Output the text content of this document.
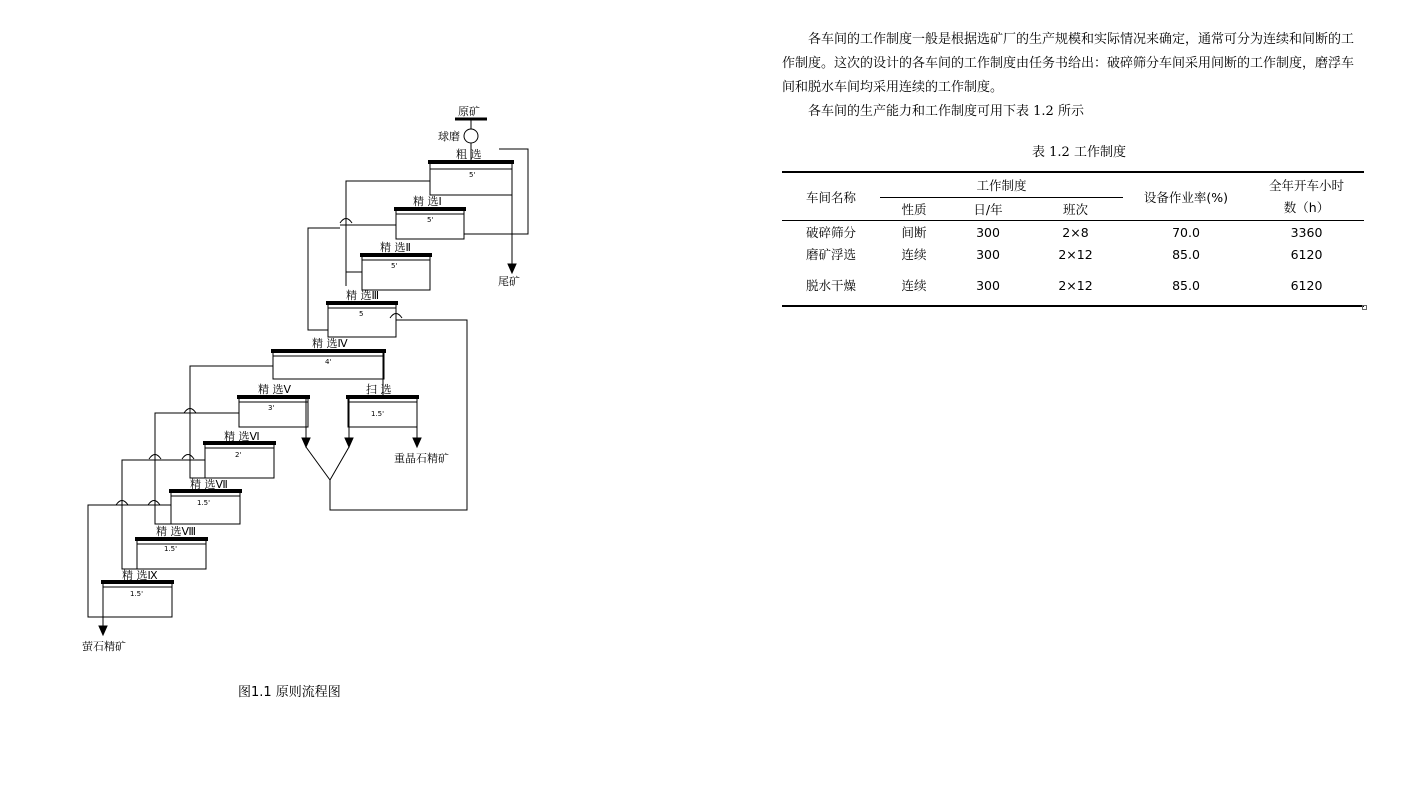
原矿
球磨
尾矿
重晶石精矿
萤石精矿
粗 选
5'
精 选Ⅰ
5'
精 选Ⅱ
5'
精 选Ⅲ
5
精 选Ⅳ
4'
精 选Ⅴ
3'
扫 选
1.5'
精 选Ⅵ
2'
精 选Ⅶ
1.5'
精 选Ⅷ
1.5'
精 选Ⅸ
1.5'
图1.1 原则流程图
各车间的工作制度一般是根据选矿厂的生产规模和实际情况来确定，通常可分为连续和间断的工作制度。这次的设计的各车间的工作制度由任务书给出：破碎筛分车间采用间断的工作制度，磨浮车间和脱水车间均采用连续的工作制度。
各车间的生产能力和工作制度可用下表 1.2 所示
表 1.2 工作制度
车间名称	工作制度			设备作业率(%)	全年开车小时
数（h）
	性质	日/年	班次		
破碎筛分	间断	300	2×8	70.0	3360
磨矿浮选	连续	300	2×12	85.0	6120
脱水干燥	连续	300	2×12	85.0	6120
